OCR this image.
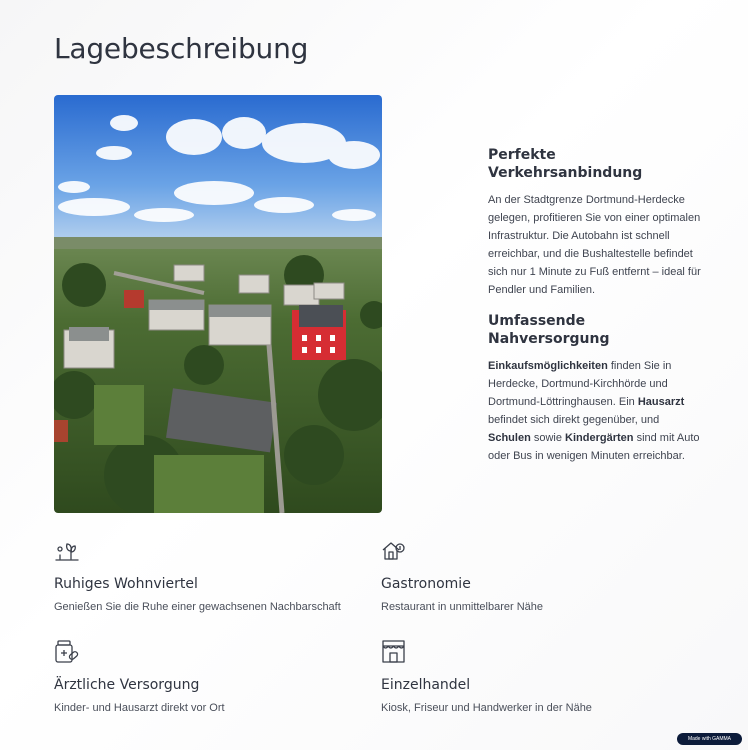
Lagebeschreibung
Perfekte Verkehrsanbindung

An der Stadtgrenze Dortmund-Herdecke gelegen, profitieren Sie von einer optimalen Infrastruktur. Die Autobahn ist schnell erreichbar, und die Bushaltestelle befindet sich nur 1 Minute zu Fuß entfernt – ideal für Pendler und Familien.

Umfassende Nahversorgung

Einkaufsmöglichkeiten finden Sie in Herdecke, Dortmund-Kirchhörde und Dortmund-Löttringhausen. Ein Hausarzt befindet sich direkt gegenüber, und Schulen sowie Kindergärten sind mit Auto oder Bus in wenigen Minuten erreichbar.

Ruhiges Wohnviertel
Genießen Sie die Ruhe einer gewachsenen Nachbarschaft
Gastronomie
Restaurant in unmittelbarer Nähe
Ärztliche Versorgung
Kinder- und Hausarzt direkt vor Ort
Einzelhandel
Kiosk, Friseur und Handwerker in der Nähe
Made with GAMMA
